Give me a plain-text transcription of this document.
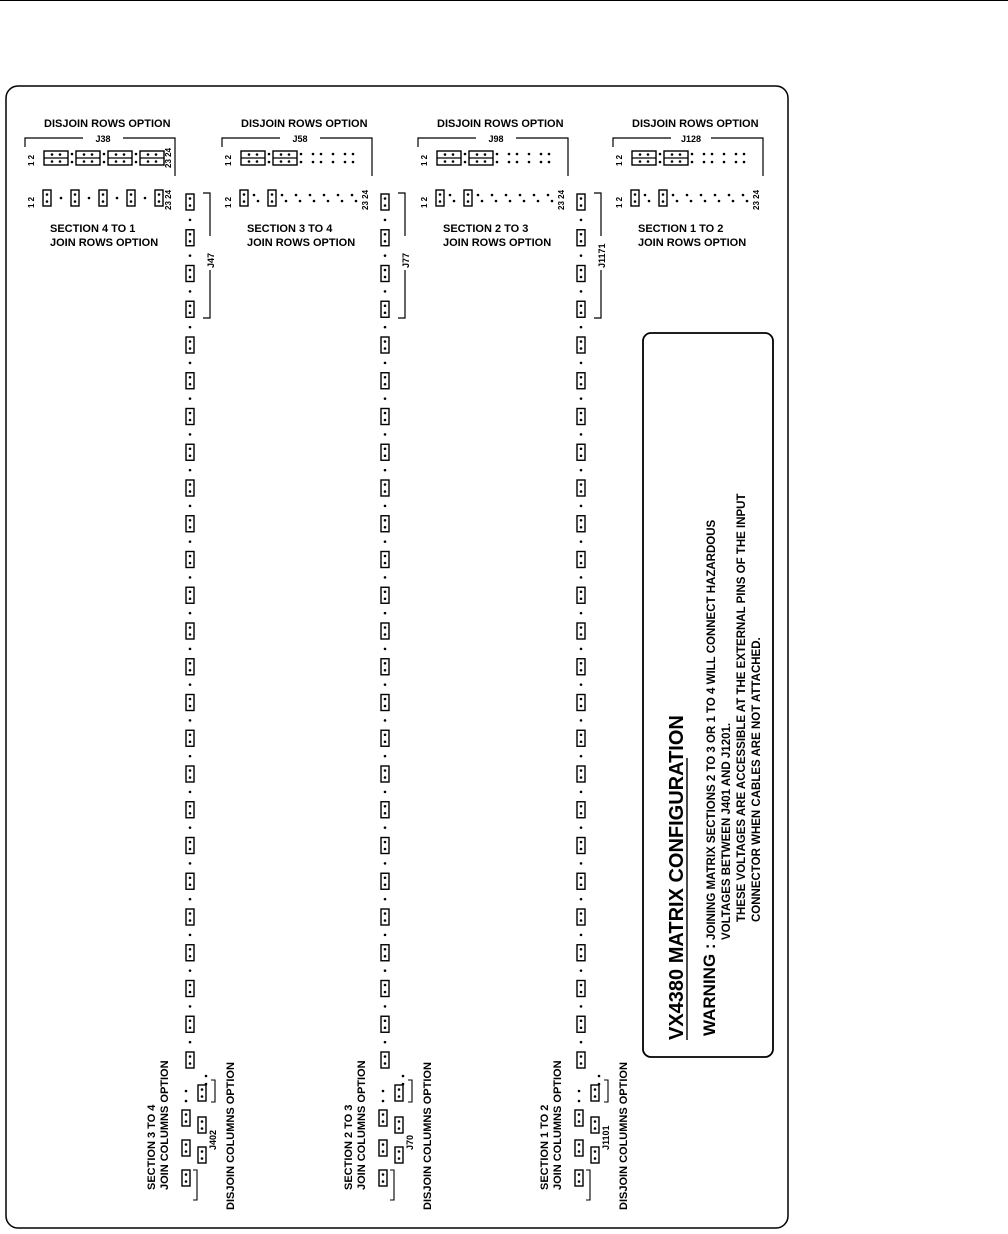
DISJOIN ROWS OPTION
J38
1 2	23 24
1 2	23 24
SECTION 4 TO 1
JOIN ROWS OPTION
DISJOIN ROWS OPTION
J58
1 2
1 2	23 24
SECTION 3 TO 4
JOIN ROWS OPTION
DISJOIN ROWS OPTION
J98
1 2
1 2	23 24
SECTION 2 TO 3
JOIN ROWS OPTION
DISJOIN ROWS OPTION
J128
1 2
1 2	23 24
SECTION 1 TO 2
JOIN ROWS OPTION
J47	J77	J1171
SECTION 3 TO 4 JOIN COLUMNS OPTION	J402 DISJOIN COLUMNS OPTION	SECTION 2 TO 3 JOIN COLUMNS OPTION	J70 DISJOIN COLUMNS OPTION	SECTION 1 TO 2 JOIN COLUMNS OPTION	J1101 DISJOIN COLUMNS OPTION
VX4380 MATRIX CONFIGURATION WARNING :
JOINING MATRIX SECTIONS 2 TO 3 OR 1 TO 4 WILL CONNECT HAZARDOUS VOLTAGES BETWEEN J401 AND J1201. THESE VOLTAGES ARE ACCESSIBLE AT THE EXTERNAL PINS OF THE INPUT CONNECTOR WHEN CABLES ARE NOT ATTACHED.
